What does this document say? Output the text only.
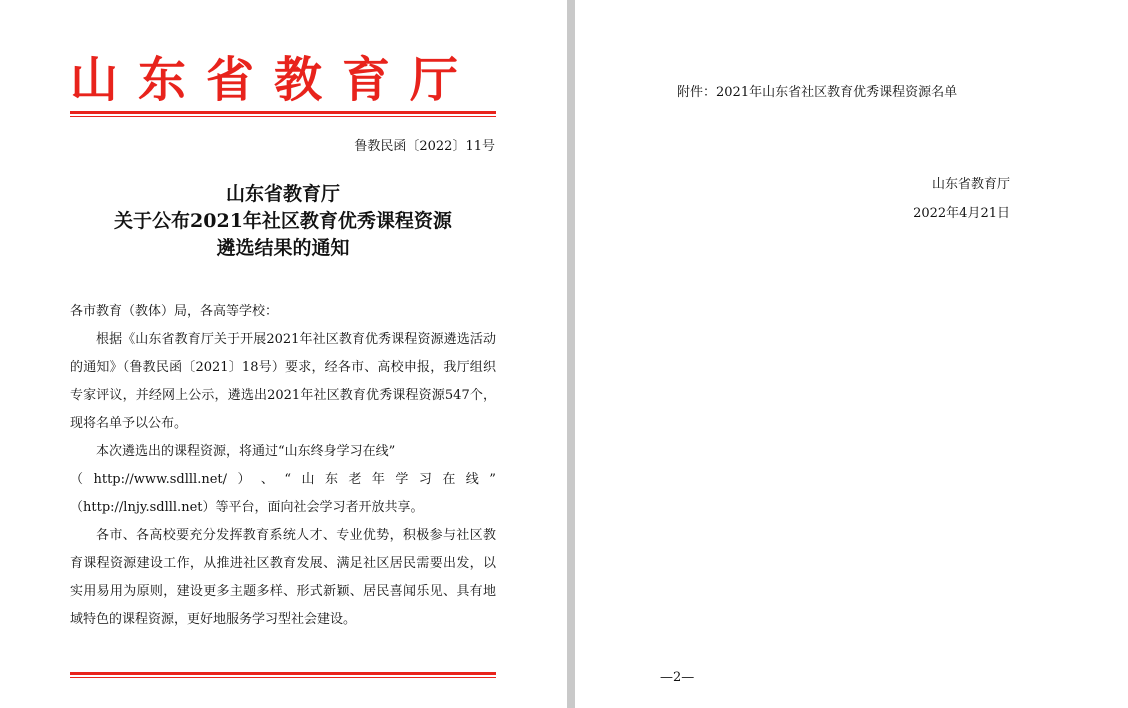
山东省教育厅

鲁教民函〔2022〕11号

山东省教育厅
关于公布2021年社区教育优秀课程资源
遴选结果的通知

各市教育（教体）局，各高等学校：

根据《山东省教育厅关于开展2021年社区教育优秀课程资源遴选活动的通知》（鲁教民函〔2021〕18号）要求，经各市、高校申报，我厅组织专家评议，并经网上公示，遴选出2021年社区教育优秀课程资源547个，现将名单予以公布。

本次遴选出的课程资源，将通过“山东终身学习在线”

（ http://www.sdlll.net/ ） 、 “ 山 东 老 年 学 习 在 线 ”

（http://lnjy.sdlll.net）等平台，面向社会学习者开放共享。

各市、各高校要充分发挥教育系统人才、专业优势，积极参与社区教育课程资源建设工作，从推进社区教育发展、满足社区居民需要出发，以实用易用为原则，建设更多主题多样、形式新颖、居民喜闻乐见、具有地域特色的课程资源，更好地服务学习型社会建设。

附件：2021年山东省社区教育优秀课程资源名单

山东省教育厅
2022年4月21日

—2—
